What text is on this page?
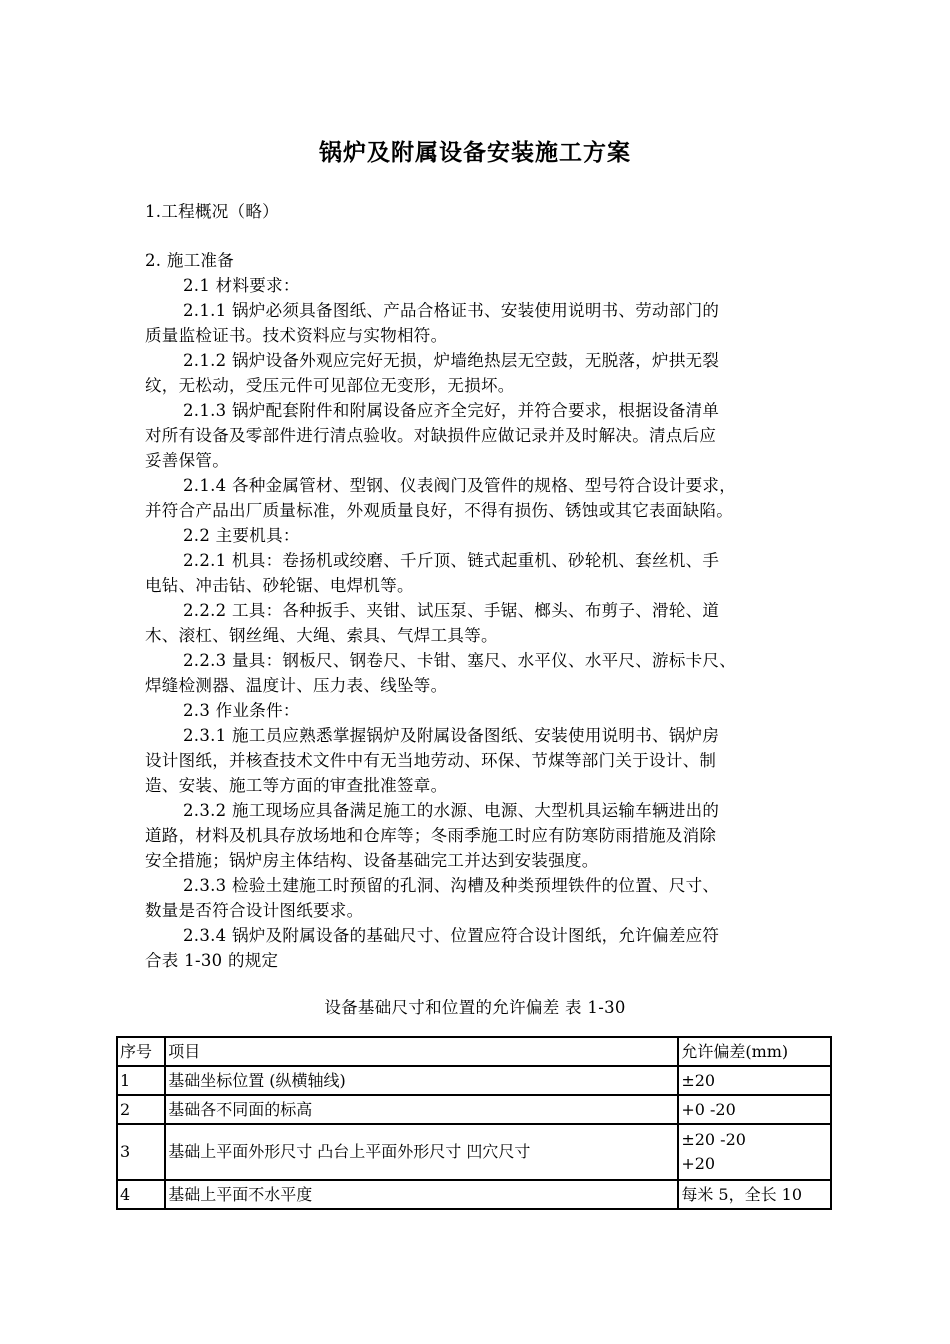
锅炉及附属设备安装施工方案
1.工程概况（略）
2. 施工准备
2.1 材料要求：
2.1.1 锅炉必须具备图纸、产品合格证书、安装使用说明书、劳动部门的
质量监检证书。技术资料应与实物相符。
2.1.2 锅炉设备外观应完好无损，炉墙绝热层无空鼓，无脱落，炉拱无裂
纹，无松动，受压元件可见部位无变形，无损坏。
2.1.3 锅炉配套附件和附属设备应齐全完好，并符合要求，根据设备清单
对所有设备及零部件进行清点验收。对缺损件应做记录并及时解决。清点后应
妥善保管。
2.1.4 各种金属管材、型钢、仪表阀门及管件的规格、型号符合设计要求，
并符合产品出厂质量标准，外观质量良好，不得有损伤、锈蚀或其它表面缺陷。
2.2 主要机具：
2.2.1 机具：卷扬机或绞磨、千斤顶、链式起重机、砂轮机、套丝机、手
电钻、冲击钻、砂轮锯、电焊机等。
2.2.2 工具：各种扳手、夹钳、试压泵、手锯、榔头、布剪子、滑轮、道
木、滚杠、钢丝绳、大绳、索具、气焊工具等。
2.2.3 量具：钢板尺、钢卷尺、卡钳、塞尺、水平仪、水平尺、游标卡尺、
焊缝检测器、温度计、压力表、线坠等。
2.3 作业条件：
2.3.1 施工员应熟悉掌握锅炉及附属设备图纸、安装使用说明书、锅炉房
设计图纸，并核查技术文件中有无当地劳动、环保、节煤等部门关于设计、制
造、安装、施工等方面的审查批准签章。
2.3.2 施工现场应具备满足施工的水源、电源、大型机具运输车辆进出的
道路，材料及机具存放场地和仓库等；冬雨季施工时应有防寒防雨措施及消除
安全措施；锅炉房主体结构、设备基础完工并达到安装强度。
2.3.3 检验土建施工时预留的孔洞、沟槽及种类预埋铁件的位置、尺寸、
数量是否符合设计图纸要求。
2.3.4 锅炉及附属设备的基础尺寸、位置应符合设计图纸，允许偏差应符
合表 1-30 的规定
设备基础尺寸和位置的允许偏差 表 1-30
序号	项目	允许偏差(mm)
1	基础坐标位置 (纵横轴线)	±20
2	基础各不同面的标高	+0 -20
3	基础上平面外形尺寸 凸台上平面外形尺寸 凹穴尺寸	±20 -20
+20

4	基础上平面不水平度	每米 5，全长 10
